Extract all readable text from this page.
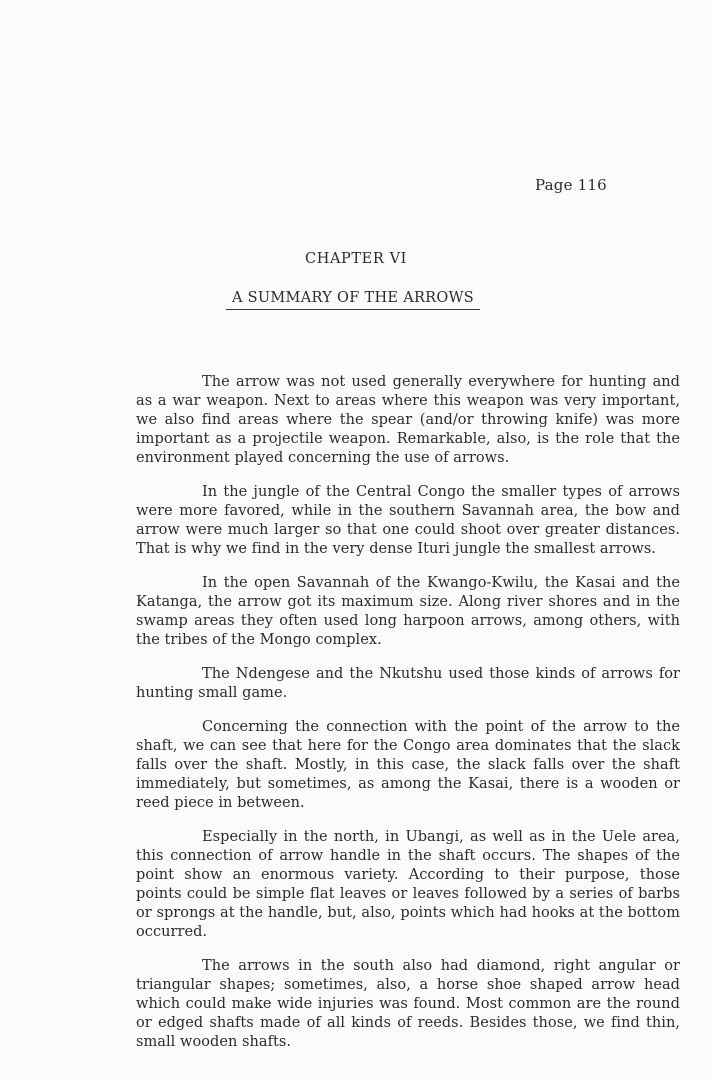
Page 116
CHAPTER VI
A SUMMARY OF THE ARROWS

The arrow was not used generally everywhere for hunting and as a war weapon. Next to areas where this weapon was very important, we also find areas where the spear (and/or throwing knife) was more important as a projectile weapon. Remarkable, also, is the role that the environment played concerning the use of arrows.

In the jungle of the Central Congo the smaller types of arrows were more favored, while in the southern Savannah area, the bow and arrow were much larger so that one could shoot over greater distances. That is why we find in the very dense Ituri jungle the smallest arrows.

In the open Savannah of the Kwango-Kwilu, the Kasai and the Katanga, the arrow got its maximum size. Along river shores and in the swamp areas they often used long harpoon arrows, among others, with the tribes of the Mongo complex.

The Ndengese and the Nkutshu used those kinds of arrows for hunting small game.

Concerning the connection with the point of the arrow to the shaft, we can see that here for the Congo area dominates that the slack falls over the shaft. Mostly, in this case, the slack falls over the shaft immediately, but sometimes, as among the Kasai, there is a wooden or reed piece in between.

Especially in the north, in Ubangi, as well as in the Uele area, this connection of arrow handle in the shaft occurs. The shapes of the point show an enormous variety. According to their purpose, those points could be simple flat leaves or leaves followed by a series of barbs or sprongs at the handle, but, also, points which had hooks at the bottom occurred.

The arrows in the south also had diamond, right angular or triangular shapes; sometimes, also, a horse shoe shaped arrow head which could make wide injuries was found. Most common are the round or edged shafts made of all kinds of reeds. Besides those, we find thin, small wooden shafts.
